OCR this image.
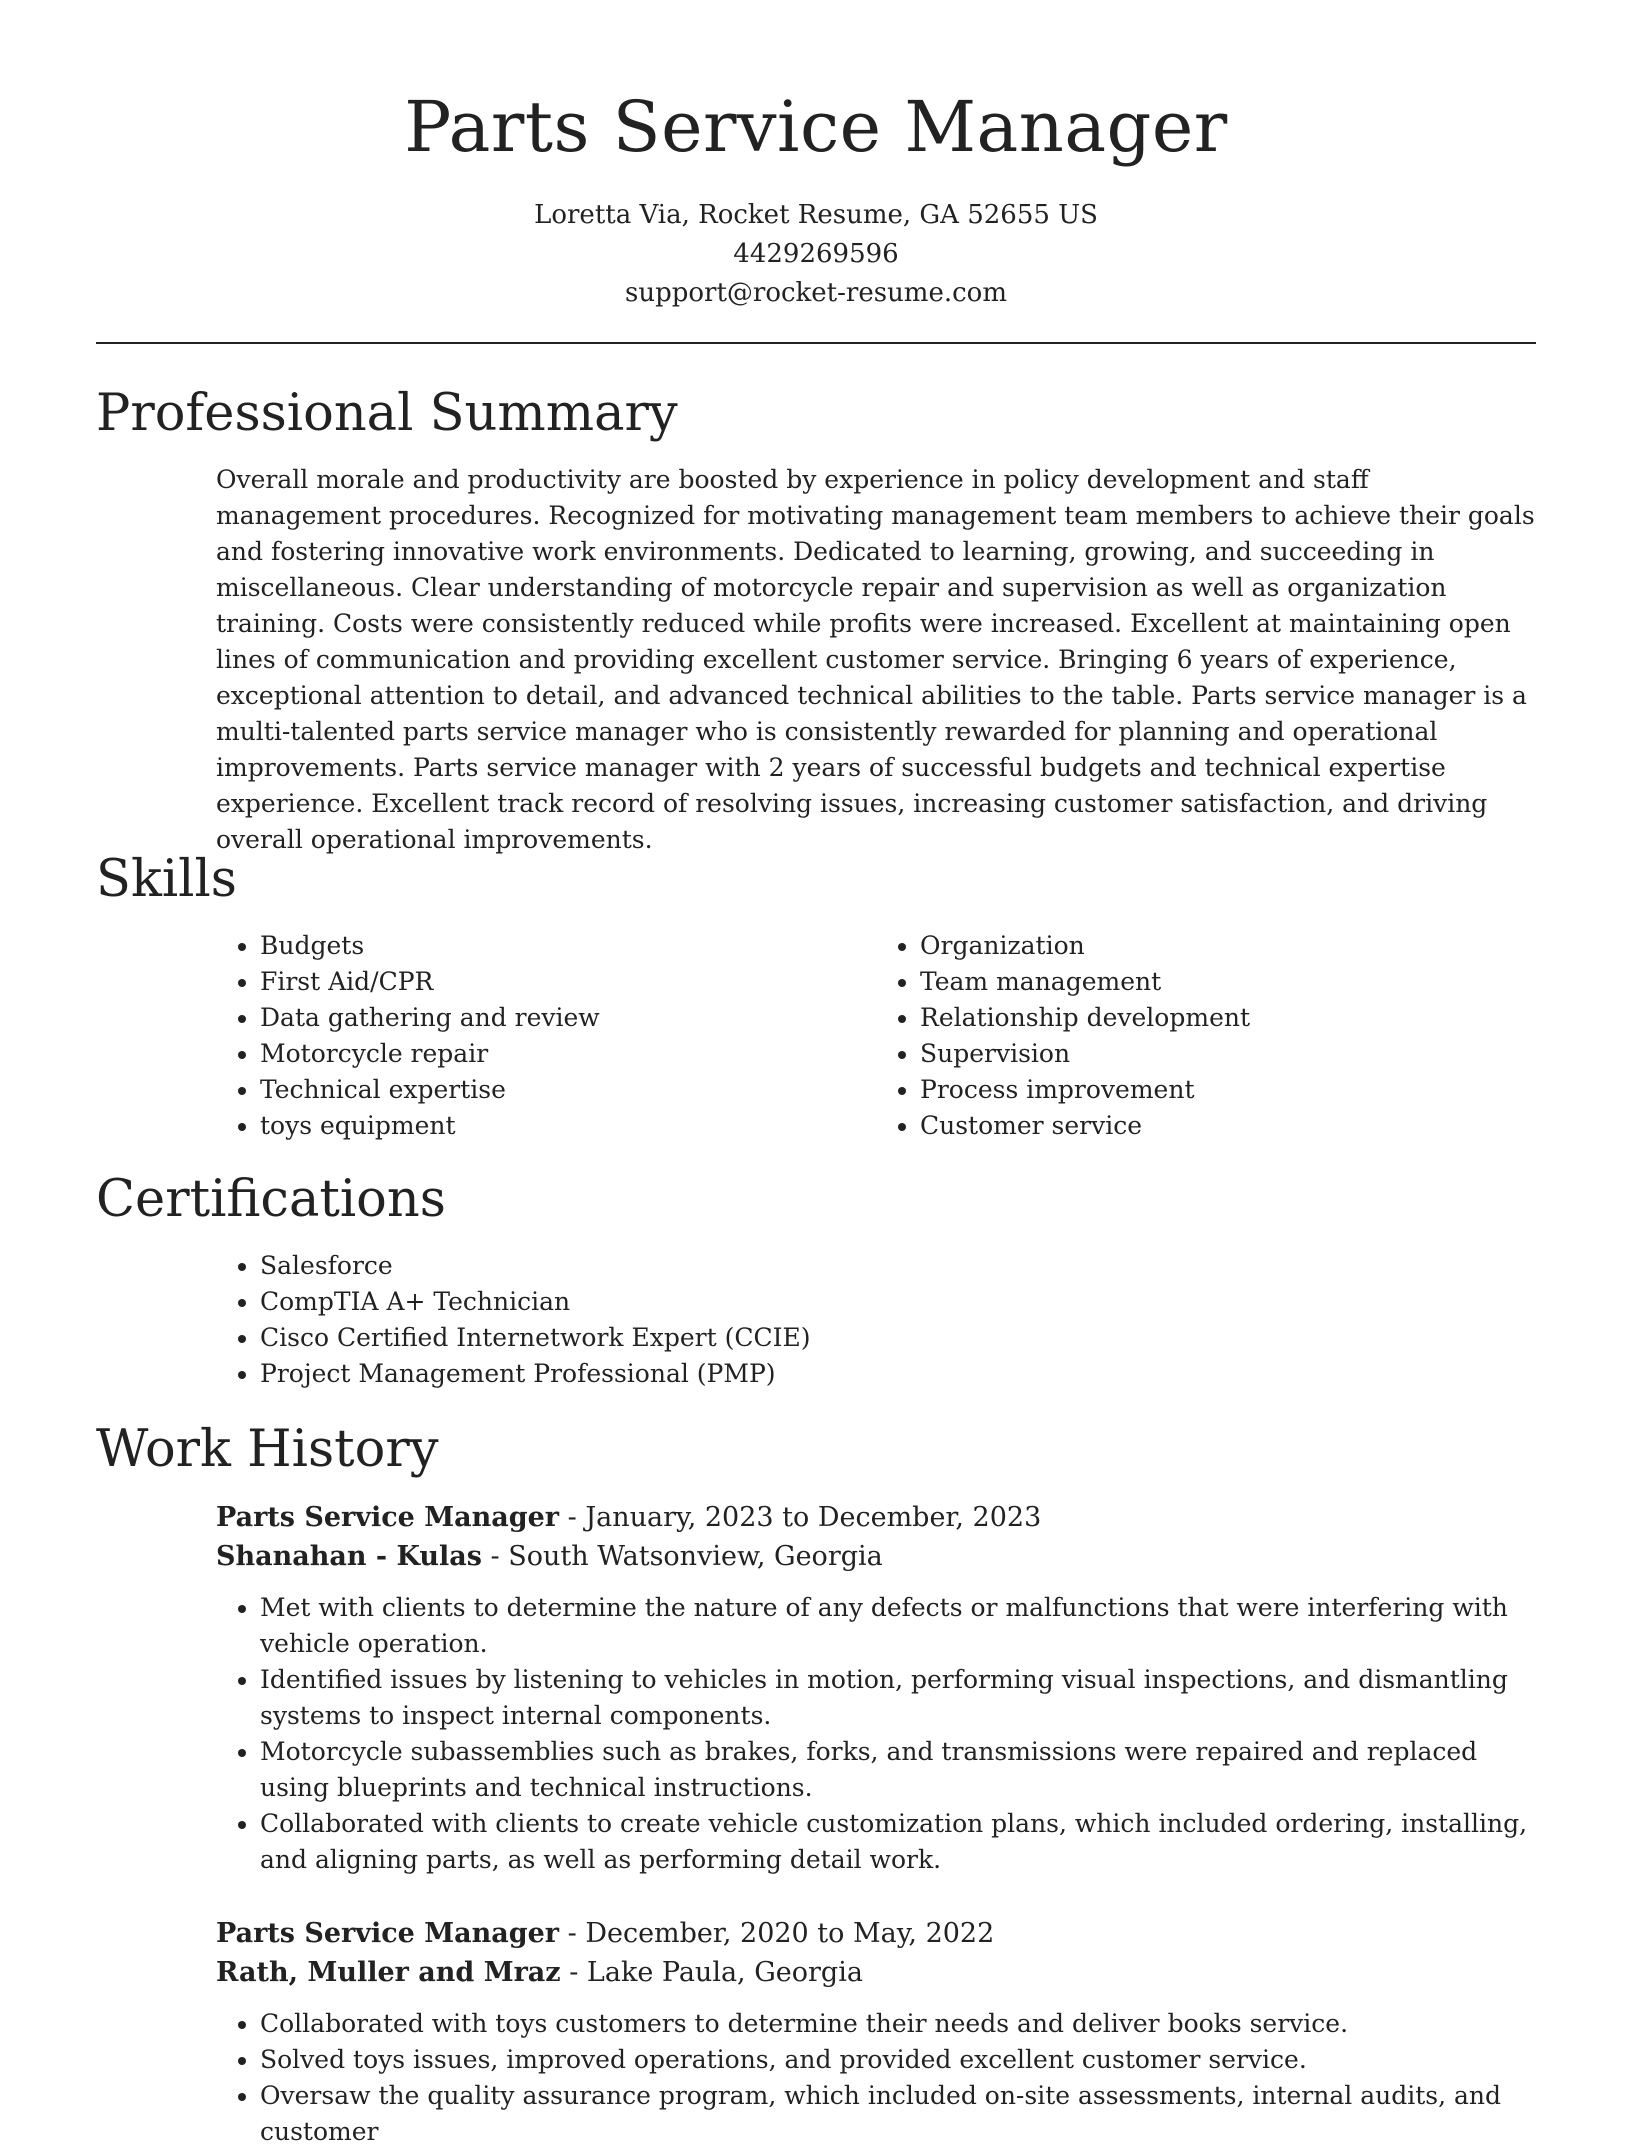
Parts Service Manager
Loretta Via, Rocket Resume, GA 52655 US
4429269596
support@rocket-resume.com
Professional Summary
Overall morale and productivity are boosted by experience in policy development and staff management procedures. Recognized for motivating management team members to achieve their goals and fostering innovative work environments. Dedicated to learning, growing, and succeeding in miscellaneous. Clear understanding of motorcycle repair and supervision as well as organization training. Costs were consistently reduced while profits were increased. Excellent at maintaining open lines of communication and providing excellent customer service. Bringing 6 years of experience, exceptional attention to detail, and advanced technical abilities to the table. Parts service manager is a multi-talented parts service manager who is consistently rewarded for planning and operational improvements. Parts service manager with 2 years of successful budgets and technical expertise experience. Excellent track record of resolving issues, increasing customer satisfaction, and driving overall operational improvements.
Skills
• Budgets
• First Aid/CPR
• Data gathering and review
• Motorcycle repair
• Technical expertise
• toys equipment
• Organization
• Team management
• Relationship development
• Supervision
• Process improvement
• Customer service
Certifications
• Salesforce
• CompTIA A+ Technician
• Cisco Certified Internetwork Expert (CCIE)
• Project Management Professional (PMP)
Work History
Parts Service Manager - January, 2023 to December, 2023
Shanahan - Kulas - South Watsonview, Georgia
• Met with clients to determine the nature of any defects or malfunctions that were interfering with vehicle operation.
• Identified issues by listening to vehicles in motion, performing visual inspections, and dismantling systems to inspect internal components.
• Motorcycle subassemblies such as brakes, forks, and transmissions were repaired and replaced using blueprints and technical instructions.
• Collaborated with clients to create vehicle customization plans, which included ordering, installing, and aligning parts, as well as performing detail work.
Parts Service Manager - December, 2020 to May, 2022
Rath, Muller and Mraz - Lake Paula, Georgia
• Collaborated with toys customers to determine their needs and deliver books service.
• Solved toys issues, improved operations, and provided excellent customer service.
• Oversaw the quality assurance program, which included on-site assessments, internal audits, and customer
